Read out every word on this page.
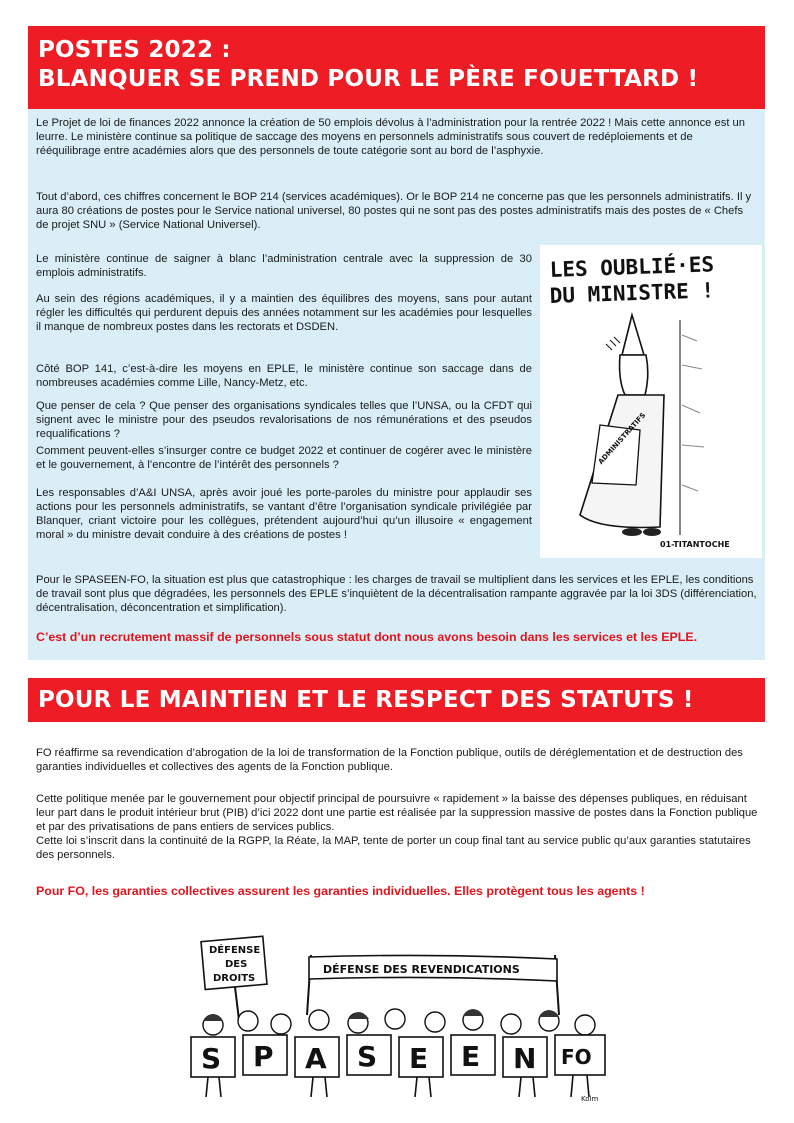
POSTES 2022 :
BLANQUER SE PREND POUR LE PÈRE FOUETTARD !

Le Projet de loi de finances 2022 annonce la création de 50 emplois dévolus à l’administration pour la rentrée 2022 ! Mais cette annonce est un leurre. Le ministère continue sa politique de saccage des moyens en personnels administratifs sous couvert de redéploiements et de rééquilibrage entre académies alors que des personnels de toute catégorie sont au bord de l’asphyxie.

Tout d’abord, ces chiffres concernent le BOP 214 (services académiques). Or le BOP 214 ne concerne pas que les personnels administratifs. Il y aura 80 créations de postes pour le Service national universel, 80 postes qui ne sont pas des postes administratifs mais des postes de « Chefs de projet SNU » (Service National Universel).

Le ministère continue de saigner à blanc l’administration centrale avec la suppression de 30 emplois administratifs.

Au sein des régions académiques, il y a maintien des équilibres des moyens, sans pour autant régler les difficultés qui perdurent depuis des années notamment sur les académies pour lesquelles il manque de nombreux postes dans les rectorats et DSDEN.

Côté BOP 141, c’est-à-dire les moyens en EPLE, le ministère continue son saccage dans de nombreuses académies comme Lille, Nancy-Metz, etc.

Que penser de cela ? Que penser des organisations syndicales telles que l’UNSA, ou la CFDT qui signent avec le ministre pour des pseudos revalorisations de nos rémunérations et des pseudos requalifications ?

Comment peuvent-elles s’insurger contre ce budget 2022 et continuer de cogérer avec le ministère et le gouvernement, à l’encontre de l’intérêt des personnels ?

Les responsables d’A&I UNSA, après avoir joué les porte-paroles du ministre pour applaudir ses actions pour les personnels administratifs, se vantant d’être l’organisation syndicale privilégiée par Blanquer, criant victoire pour les collègues, prétendent aujourd’hui qu’un illusoire « engagement moral » du ministre devait conduire à des créations de postes !

Pour le SPASEEN-FO, la situation est plus que catastrophique : les charges de travail se multiplient dans les services et les EPLE, les conditions de travail sont plus que dégradées, les personnels des EPLE s’inquiètent de la décentralisation rampante aggravée par la loi 3DS (différenciation, décentralisation, déconcentration et simplification).

C’est d’un recrutement massif de personnels sous statut dont nous avons besoin dans les services et les EPLE.

LES OUBLIÉ·ES
DU MINISTRE !
ADMINISTRATIFS
01-TITANTOCHE
POUR LE MAINTIEN ET LE RESPECT DES STATUTS !

FO réaffirme sa revendication d’abrogation de la loi de transformation de la Fonction publique, outils de déréglementation et de destruction des garanties individuelles et collectives des agents de la Fonction publique.

Cette politique menée par le gouvernement pour objectif principal de poursuivre « rapidement » la baisse des dépenses publiques, en réduisant leur part dans le produit intérieur brut (PIB) d’ici 2022 dont une partie est réalisée par la suppression massive de postes dans la Fonction publique et par des privatisations de pans entiers de services publics.

Cette loi s’inscrit dans la continuité de la RGPP, la Réate, la MAP, tente de porter un coup final tant au service public qu’aux garanties statutaires des personnels.

Pour FO, les garanties collectives assurent les garanties individuelles. Elles protègent tous les agents !

DÉFENSE
DES
DROITS
DÉFENSE DES REVENDICATIONS
S P A S E E N FO
Kolm
